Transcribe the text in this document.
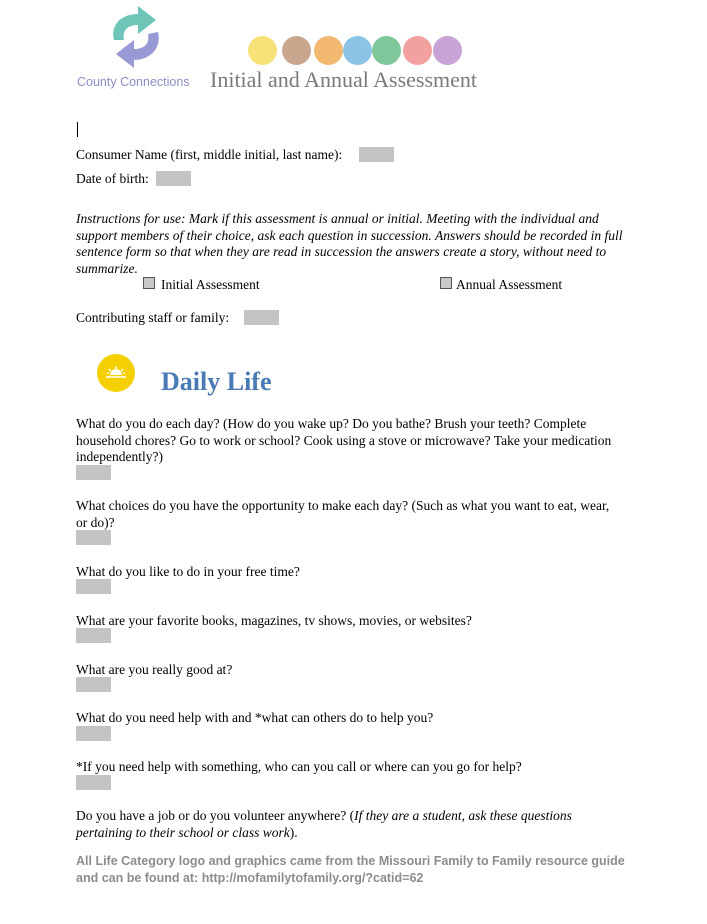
County Connections Initial and Annual Assessment
Consumer Name (first, middle initial, last name):
Date of birth:
Instructions for use: Mark if this assessment is annual or initial. Meeting with the individual and support members of their choice, ask each question in succession. Answers should be recorded in full sentence form so that when they are read in succession the answers create a story, without need to summarize.
Initial Assessment	Annual Assessment
Contributing staff or family:
Daily Life
What do you do each day? (How do you wake up? Do you bathe? Brush your teeth? Complete household chores? Go to work or school? Cook using a stove or microwave? Take your medication independently?)
What choices do you have the opportunity to make each day? (Such as what you want to eat, wear, or do)?
What do you like to do in your free time?
What are your favorite books, magazines, tv shows, movies, or websites?
What are you really good at?
What do you need help with and *what can others do to help you?
*If you need help with something, who can you call or where can you go for help?
Do you have a job or do you volunteer anywhere? (If they are a student, ask these questions pertaining to their school or class work).
All Life Category logo and graphics came from the Missouri Family to Family resource guide
and can be found at: http://mofamilytofamily.org/?catid=62
